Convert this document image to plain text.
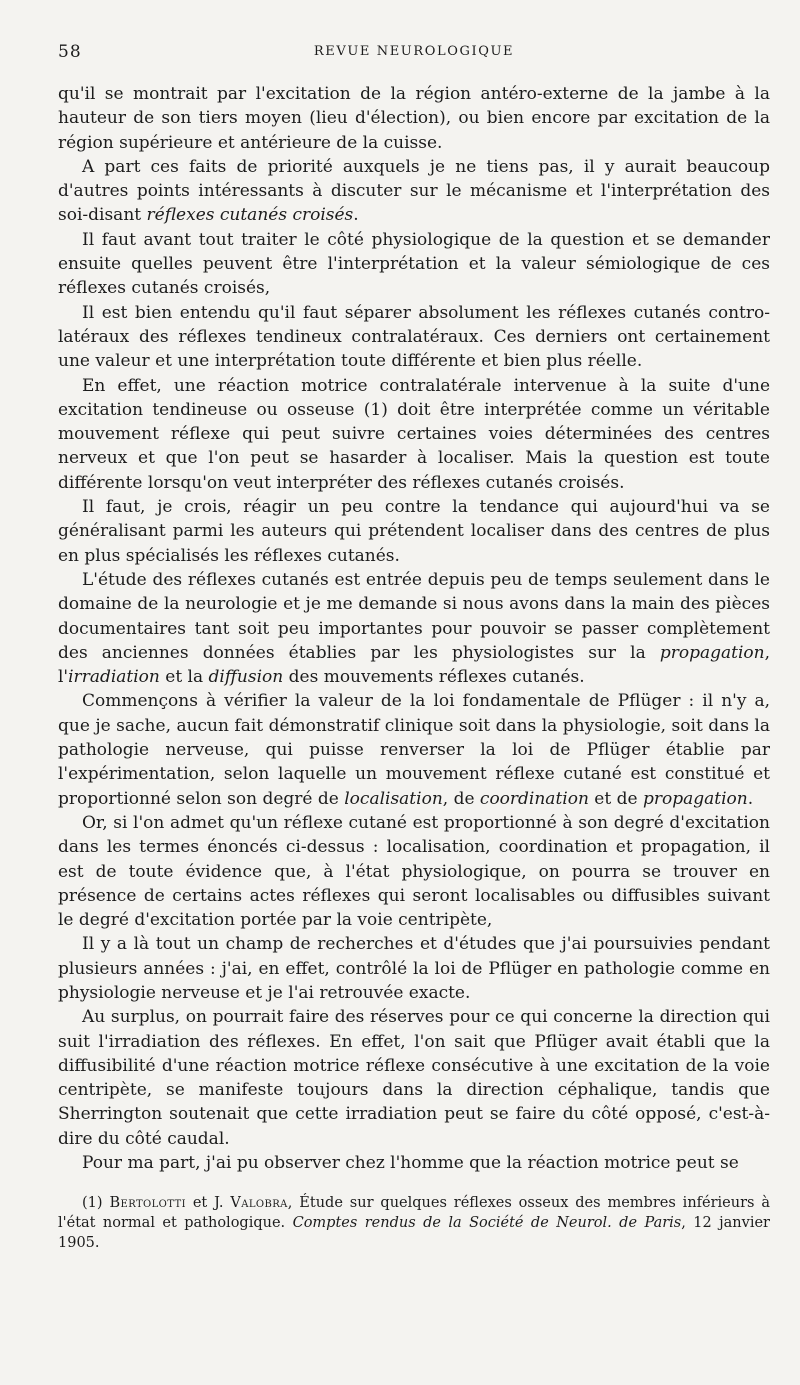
58	REVUE NEUROLOGIQUE

qu'il se montrait par l'excitation de la région antéro-externe de la jambe à la hauteur de son tiers moyen (lieu d'élection), ou bien encore par excitation de la région supérieure et antérieure de la cuisse.

A part ces faits de priorité auxquels je ne tiens pas, il y aurait beaucoup d'autres points intéressants à discuter sur le mécanisme et l'interprétation des soi-disant réflexes cutanés croisés.

Il faut avant tout traiter le côté physiologique de la question et se demander ensuite quelles peuvent être l'interprétation et la valeur sémiologique de ces réflexes cutanés croisés,

Il est bien entendu qu'il faut séparer absolument les réflexes cutanés contro-latéraux des réflexes tendineux contralatéraux. Ces derniers ont certainement une valeur et une interprétation toute différente et bien plus réelle.

En effet, une réaction motrice contralatérale intervenue à la suite d'une excitation tendineuse ou osseuse (1) doit être interprétée comme un véritable mouvement réflexe qui peut suivre certaines voies déterminées des centres nerveux et que l'on peut se hasarder à localiser. Mais la question est toute différente lorsqu'on veut interpréter des réflexes cutanés croisés.

Il faut, je crois, réagir un peu contre la tendance qui aujourd'hui va se généralisant parmi les auteurs qui prétendent localiser dans des centres de plus en plus spécialisés les réflexes cutanés.

L'étude des réflexes cutanés est entrée depuis peu de temps seulement dans le domaine de la neurologie et je me demande si nous avons dans la main des pièces documentaires tant soit peu importantes pour pouvoir se passer complètement des anciennes données établies par les physiologistes sur la propagation, l'irradiation et la diffusion des mouvements réflexes cutanés.

Commençons à vérifier la valeur de la loi fondamentale de Pflüger : il n'y a, que je sache, aucun fait démonstratif clinique soit dans la physiologie, soit dans la pathologie nerveuse, qui puisse renverser la loi de Pflüger établie par l'expérimentation, selon laquelle un mouvement réflexe cutané est constitué et proportionné selon son degré de localisation, de coordination et de propagation.

Or, si l'on admet qu'un réflexe cutané est proportionné à son degré d'excitation dans les termes énoncés ci-dessus : localisation, coordination et propagation, il est de toute évidence que, à l'état physiologique, on pourra se trouver en présence de certains actes réflexes qui seront localisables ou diffusibles suivant le degré d'excitation portée par la voie centripète,

Il y a là tout un champ de recherches et d'études que j'ai poursuivies pendant plusieurs années : j'ai, en effet, contrôlé la loi de Pflüger en pathologie comme en physiologie nerveuse et je l'ai retrouvée exacte.

Au surplus, on pourrait faire des réserves pour ce qui concerne la direction qui suit l'irradiation des réflexes. En effet, l'on sait que Pflüger avait établi que la diffusibilité d'une réaction motrice réflexe consécutive à une excitation de la voie centripète, se manifeste toujours dans la direction céphalique, tandis que Sherrington soutenait que cette irradiation peut se faire du côté opposé, c'est-à-dire du côté caudal.

Pour ma part, j'ai pu observer chez l'homme que la réaction motrice peut se

(1) Bertolotti et J. Valobra, Étude sur quelques réflexes osseux des membres inférieurs à l'état normal et pathologique. Comptes rendus de la Société de Neurol. de Paris, 12 janvier 1905.
